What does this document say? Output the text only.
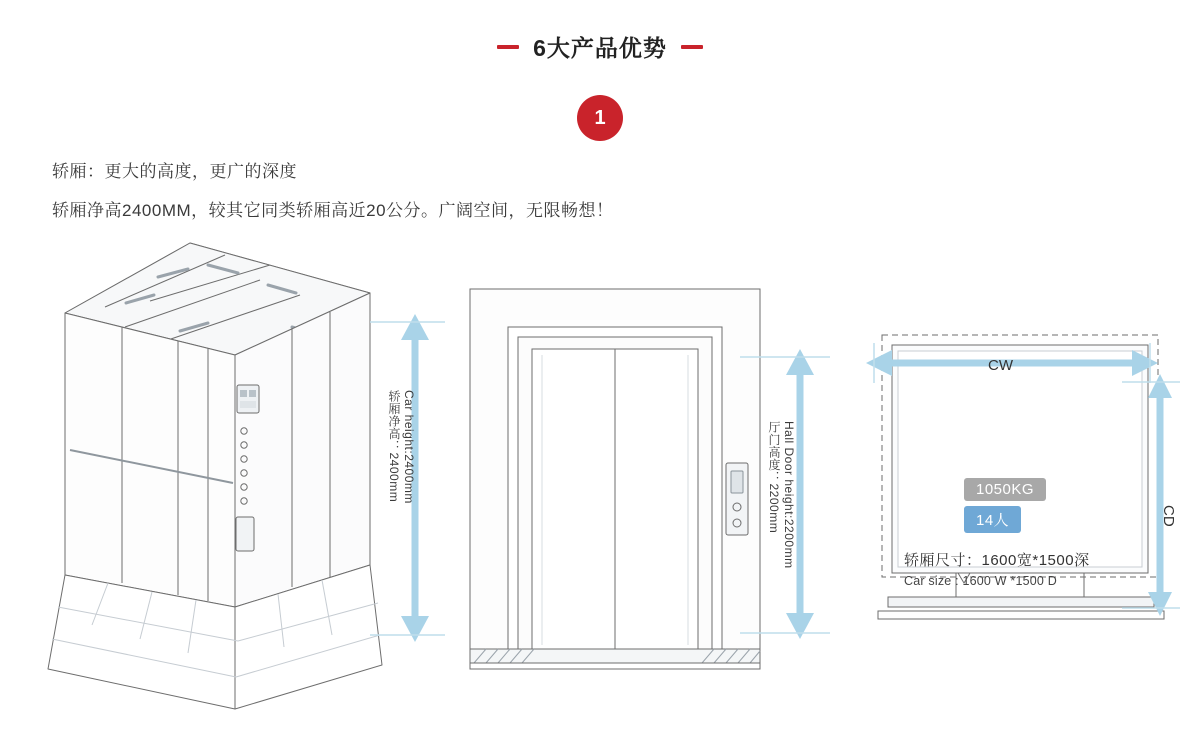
6大产品优势
1
轿厢：更大的高度，更广的深度
轿厢净高2400MM，较其它同类轿厢高近20公分。广阔空间，无限畅想！
轿厢净高：2400mm Car height:2400mm	厅门高度：2200mm Hall Door height:2200mm
CW
CD
1050KG
14人
轿厢尺寸：1600宽*1500深
Car size : 1600 W *1500 D
